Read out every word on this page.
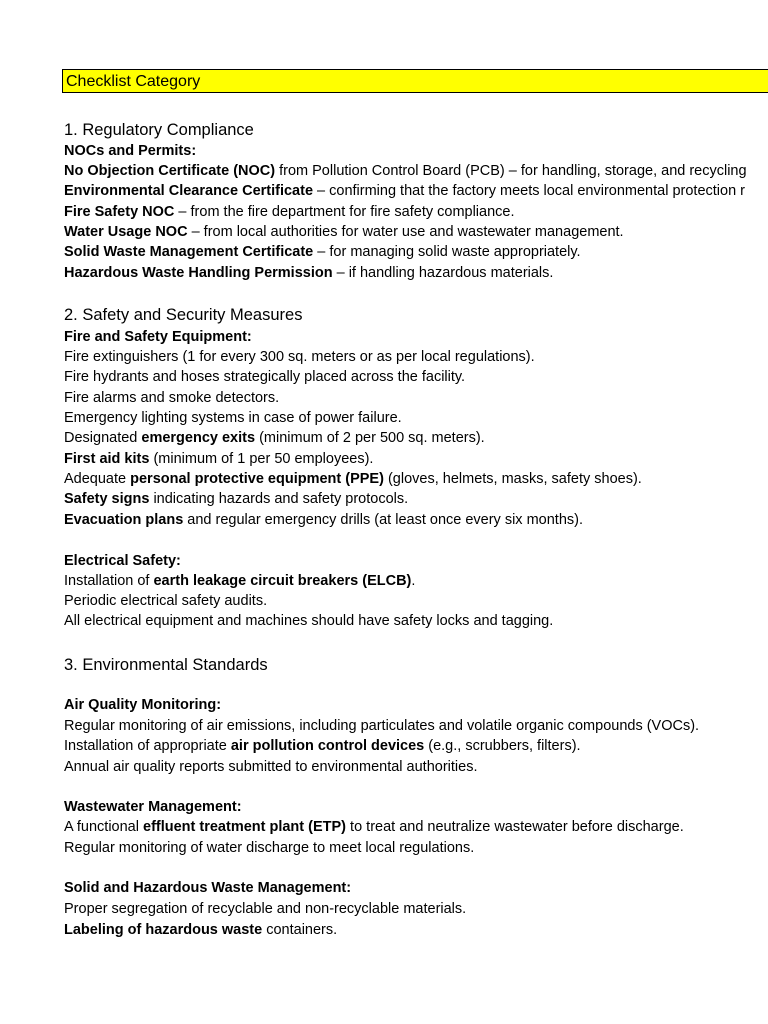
Checklist Category
1. Regulatory Compliance
NOCs and Permits:
No Objection Certificate (NOC) from Pollution Control Board (PCB) – for handling, storage, and recycling
Environmental Clearance Certificate – confirming that the factory meets local environmental protection r
Fire Safety NOC – from the fire department for fire safety compliance.
Water Usage NOC – from local authorities for water use and wastewater management.
Solid Waste Management Certificate – for managing solid waste appropriately.
Hazardous Waste Handling Permission – if handling hazardous materials.
2. Safety and Security Measures
Fire and Safety Equipment:
Fire extinguishers (1 for every 300 sq. meters or as per local regulations).
Fire hydrants and hoses strategically placed across the facility.
Fire alarms and smoke detectors.
Emergency lighting systems in case of power failure.
Designated emergency exits (minimum of 2 per 500 sq. meters).
First aid kits (minimum of 1 per 50 employees).
Adequate personal protective equipment (PPE) (gloves, helmets, masks, safety shoes).
Safety signs indicating hazards and safety protocols.
Evacuation plans and regular emergency drills (at least once every six months).
Electrical Safety:
Installation of earth leakage circuit breakers (ELCB).
Periodic electrical safety audits.
All electrical equipment and machines should have safety locks and tagging.
3. Environmental Standards
Air Quality Monitoring:
Regular monitoring of air emissions, including particulates and volatile organic compounds (VOCs).
Installation of appropriate air pollution control devices (e.g., scrubbers, filters).
Annual air quality reports submitted to environmental authorities.
Wastewater Management:
A functional effluent treatment plant (ETP) to treat and neutralize wastewater before discharge.
Regular monitoring of water discharge to meet local regulations.
Solid and Hazardous Waste Management:
Proper segregation of recyclable and non-recyclable materials.
Labeling of hazardous waste containers.
